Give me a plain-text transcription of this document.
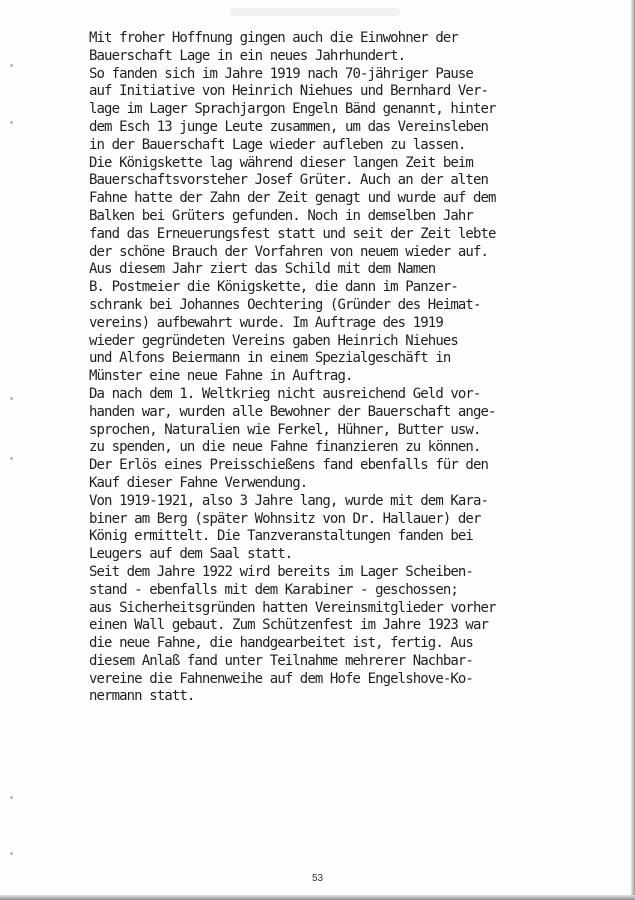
Mit froher Hoffnung gingen auch die Einwohner der
Bauerschaft Lage in ein neues Jahrhundert.
So fanden sich im Jahre 1919 nach 70-jähriger Pause
auf Initiative von Heinrich Niehues und Bernhard Ver-
lage im Lager Sprachjargon Engeln Bänd genannt, hinter
dem Esch 13 junge Leute zusammen, um das Vereinsleben
in der Bauerschaft Lage wieder aufleben zu lassen.
Die Königskette lag während dieser langen Zeit beim
Bauerschaftsvorsteher Josef Grüter. Auch an der alten
Fahne hatte der Zahn der Zeit genagt und wurde auf dem
Balken bei Grüters gefunden. Noch in demselben Jahr
fand das Erneuerungsfest statt und seit der Zeit lebte
der schöne Brauch der Vorfahren von neuem wieder auf.
Aus diesem Jahr ziert das Schild mit dem Namen
B. Postmeier die Königskette, die dann im Panzer-
schrank bei Johannes Oechtering (Gründer des Heimat-
vereins) aufbewahrt wurde. Im Auftrage des 1919
wieder gegründeten Vereins gaben Heinrich Niehues
und Alfons Beiermann in einem Spezialgeschäft in
Münster eine neue Fahne in Auftrag.
Da nach dem 1. Weltkrieg nicht ausreichend Geld vor-
handen war, wurden alle Bewohner der Bauerschaft ange-
sprochen, Naturalien wie Ferkel, Hühner, Butter usw.
zu spenden, un die neue Fahne finanzieren zu können.
Der Erlös eines Preisschießens fand ebenfalls für den
Kauf dieser Fahne Verwendung.
Von 1919-1921, also 3 Jahre lang, wurde mit dem Kara-
biner am Berg (später Wohnsitz von Dr. Hallauer) der
König ermittelt. Die Tanzveranstaltungen fanden bei
Leugers auf dem Saal statt.
Seit dem Jahre 1922 wird bereits im Lager Scheiben-
stand - ebenfalls mit dem Karabiner - geschossen;
aus Sicherheitsgründen hatten Vereinsmitglieder vorher
einen Wall gebaut. Zum Schützenfest im Jahre 1923 war
die neue Fahne, die handgearbeitet ist, fertig. Aus
diesem Anlaß fand unter Teilnahme mehrerer Nachbar-
vereine die Fahnenweihe auf dem Hofe Engelshove-Ko-
nermann statt.
53
